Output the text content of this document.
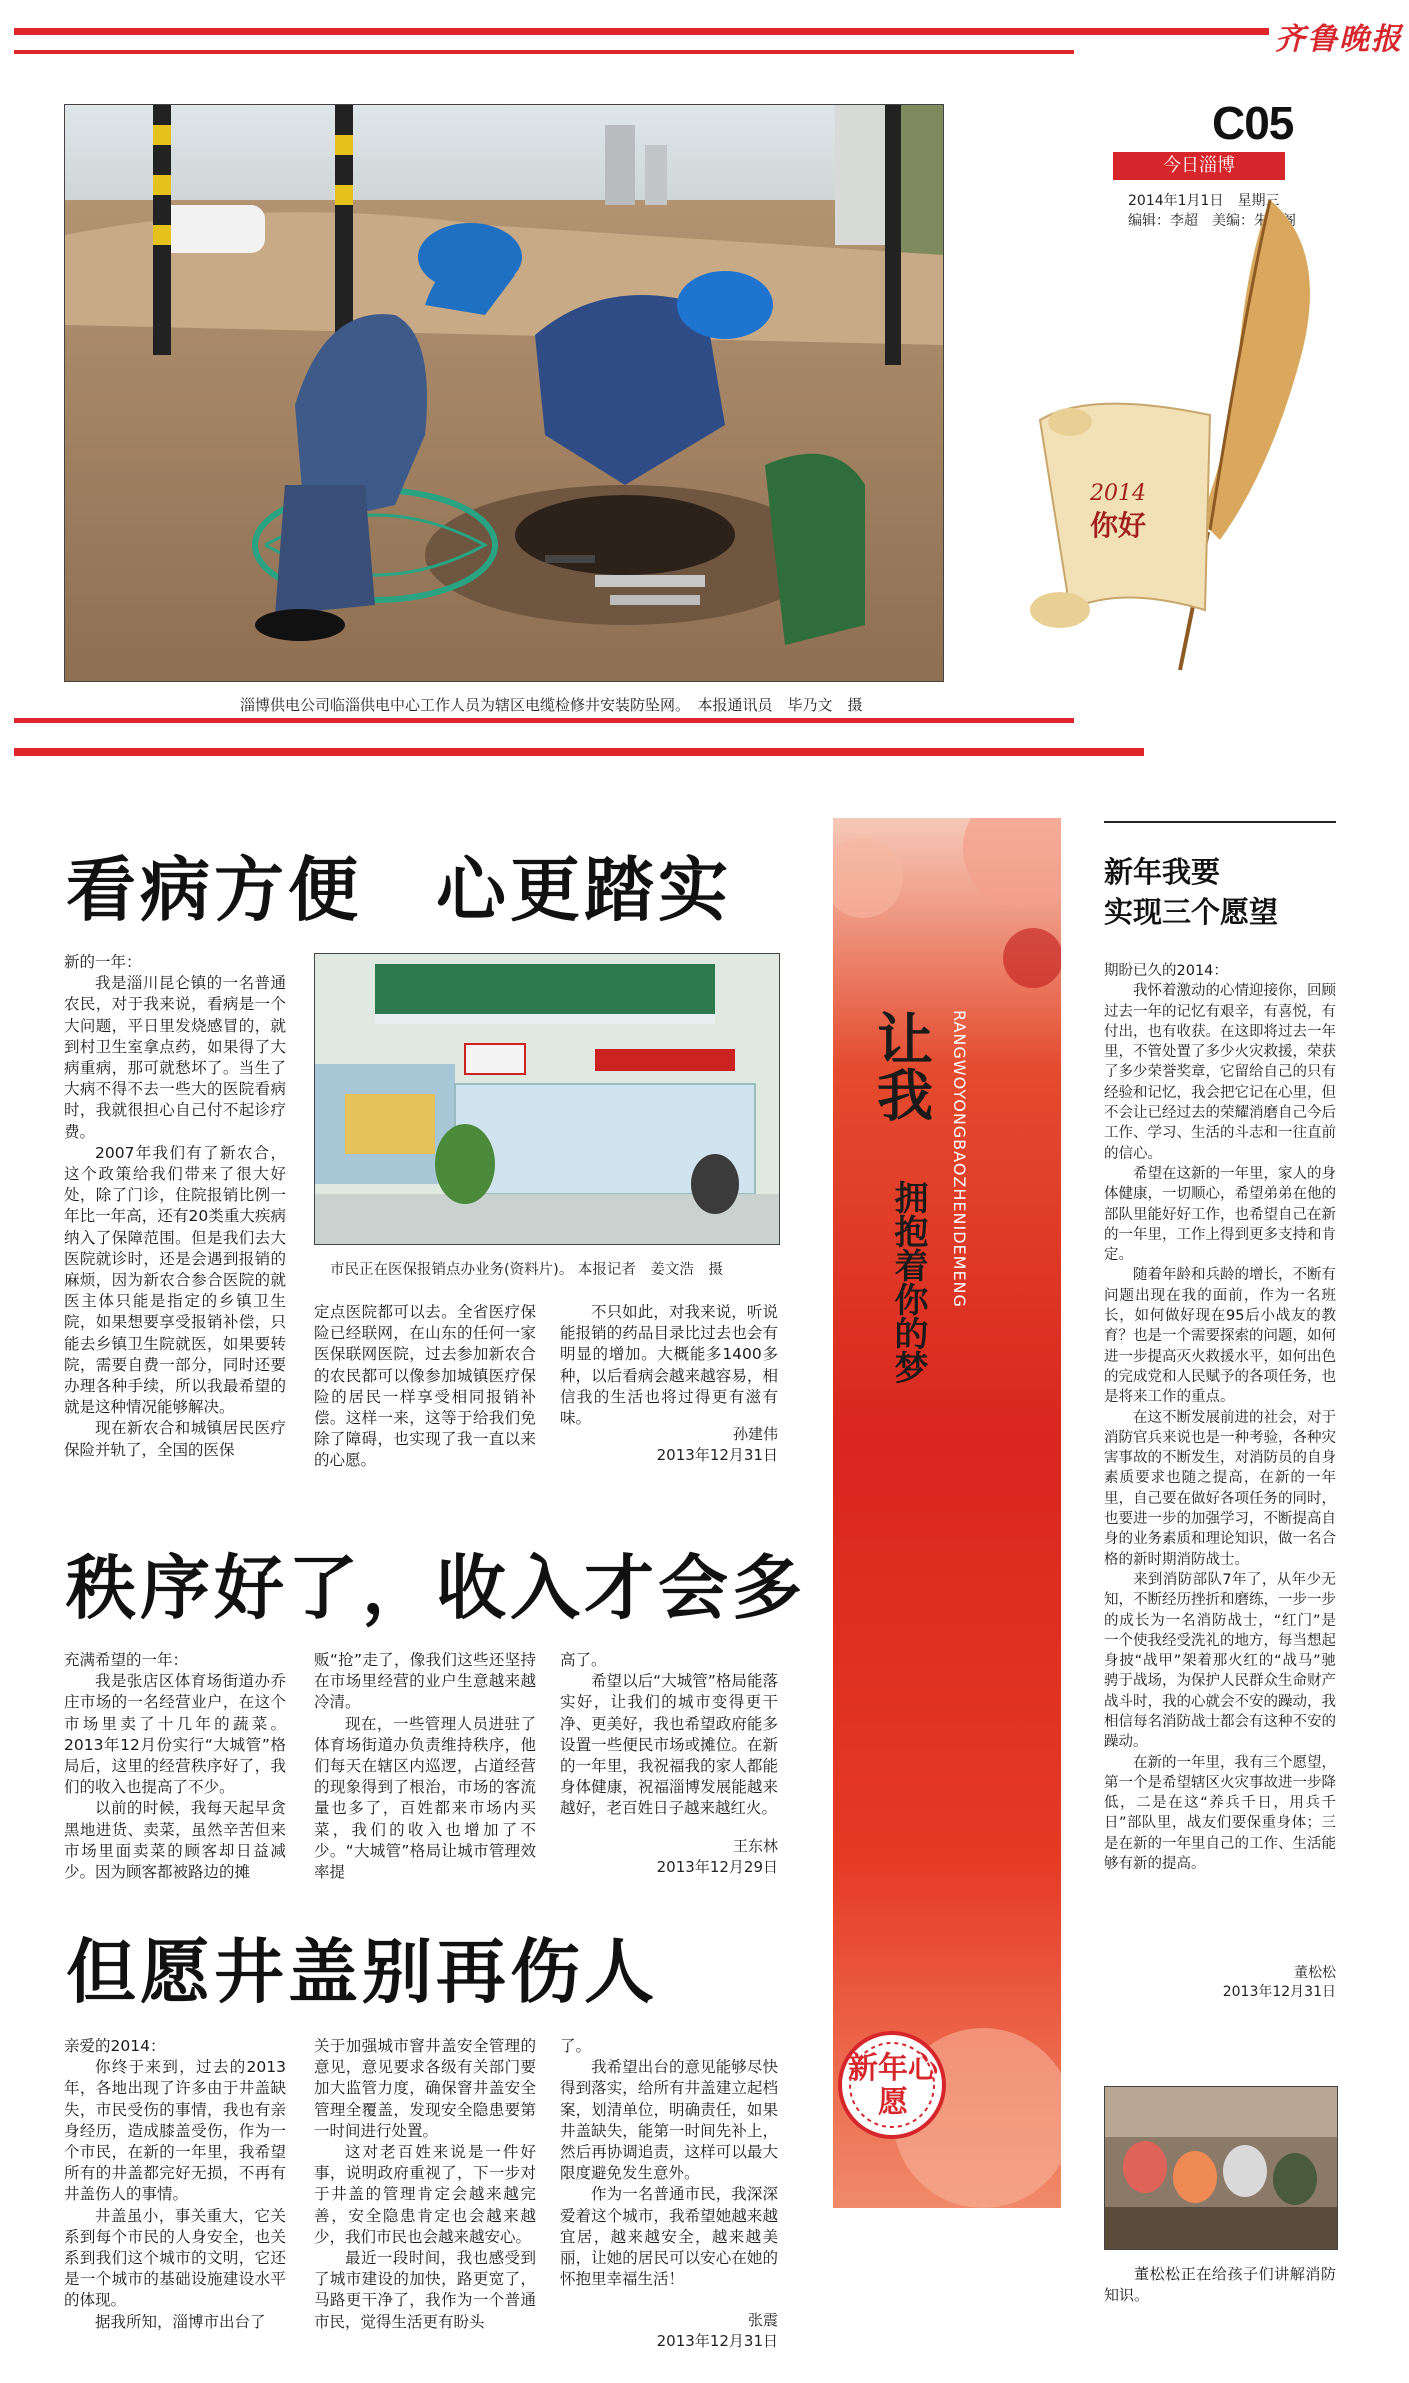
齐鲁晚报
C05
今日淄博
2014年1月1日　星期三
编辑：李超　美编：朱金阁
淄博供电公司临淄供电中心工作人员为辖区电缆检修井安装防坠网。　本报通讯员　毕乃文　摄
2014
你好
看病方便　心更踏实

新的一年：

我是淄川昆仑镇的一名普通农民，对于我来说，看病是一个大问题，平日里发烧感冒的，就到村卫生室拿点药，如果得了大病重病，那可就愁坏了。当生了大病不得不去一些大的医院看病时，我就很担心自己付不起诊疗费。

2007年我们有了新农合，这个政策给我们带来了很大好处，除了门诊，住院报销比例一年比一年高，还有20类重大疾病纳入了保障范围。但是我们去大医院就诊时，还是会遇到报销的麻烦，因为新农合参合医院的就医主体只能是指定的乡镇卫生院，如果想要享受报销补偿，只能去乡镇卫生院就医，如果要转院，需要自费一部分，同时还要办理各种手续，所以我最希望的就是这种情况能够解决。

现在新农合和城镇居民医疗保险并轨了，全国的医保

市民正在医保报销点办业务(资料片)。 本报记者　姜文浩　摄

定点医院都可以去。全省医疗保险已经联网，在山东的任何一家医保联网医院，过去参加新农合的农民都可以像参加城镇医疗保险的居民一样享受相同报销补偿。这样一来，这等于给我们免除了障碍，也实现了我一直以来的心愿。

不只如此，对我来说，听说能报销的药品目录比过去也会有明显的增加。大概能多1400多种，以后看病会越来越容易，相信我的生活也将过得更有滋有味。

孙建伟
2013年12月31日
秩序好了，收入才会多

充满希望的一年：

我是张店区体育场街道办乔庄市场的一名经营业户，在这个市场里卖了十几年的蔬菜。2013年12月份实行“大城管”格局后，这里的经营秩序好了，我们的收入也提高了不少。

以前的时候，我每天起早贪黑地进货、卖菜，虽然辛苦但来市场里面卖菜的顾客却日益减少。因为顾客都被路边的摊

贩“抢”走了，像我们这些还坚持在市场里经营的业户生意越来越冷清。

现在，一些管理人员进驻了体育场街道办负责维持秩序，他们每天在辖区内巡逻，占道经营的现象得到了根治，市场的客流量也多了，百姓都来市场内买菜，我们的收入也增加了不少。“大城管”格局让城市管理效率提

高了。

希望以后“大城管”格局能落实好，让我们的城市变得更干净、更美好，我也希望政府能多设置一些便民市场或摊位。在新的一年里，我祝福我的家人都能身体健康，祝福淄博发展能越来越好，老百姓日子越来越红火。

王东林
2013年12月29日
但愿井盖别再伤人

亲爱的2014：

你终于来到，过去的2013年，各地出现了许多由于井盖缺失，市民受伤的事情，我也有亲身经历，造成膝盖受伤，作为一个市民，在新的一年里，我希望所有的井盖都完好无损，不再有井盖伤人的事情。

井盖虽小，事关重大，它关系到每个市民的人身安全，也关系到我们这个城市的文明，它还是一个城市的基础设施建设水平的体现。

据我所知，淄博市出台了

关于加强城市窨井盖安全管理的意见，意见要求各级有关部门要加大监管力度，确保窨井盖安全管理全覆盖，发现安全隐患要第一时间进行处置。

这对老百姓来说是一件好事，说明政府重视了，下一步对于井盖的管理肯定会越来越完善，安全隐患肯定也会越来越少，我们市民也会越来越安心。

最近一段时间，我也感受到了城市建设的加快，路更宽了，马路更干净了，我作为一个普通市民，觉得生活更有盼头

了。

我希望出台的意见能够尽快得到落实，给所有井盖建立起档案，划清单位，明确责任，如果井盖缺失，能第一时间先补上，然后再协调追责，这样可以最大限度避免发生意外。

作为一名普通市民，我深深爱着这个城市，我希望她越来越宜居，越来越安全，越来越美丽，让她的居民可以安心在她的怀抱里幸福生活！

张震
2013年12月31日
让我
拥抱着你的梦	RANGWOYONGBAOZHENIDEMENG
新年心愿
新年我要
实现三个愿望

期盼已久的2014：

我怀着激动的心情迎接你，回顾过去一年的记忆有艰辛，有喜悦，有付出，也有收获。在这即将过去一年里，不管处置了多少火灾救援，荣获了多少荣誉奖章，它留给自己的只有经验和记忆，我会把它记在心里，但不会让已经过去的荣耀消磨自己今后工作、学习、生活的斗志和一往直前的信心。

希望在这新的一年里，家人的身体健康，一切顺心，希望弟弟在他的部队里能好好工作，也希望自己在新的一年里，工作上得到更多支持和肯定。

随着年龄和兵龄的增长，不断有问题出现在我的面前，作为一名班长，如何做好现在95后小战友的教育？也是一个需要探索的问题，如何进一步提高灭火救援水平，如何出色的完成党和人民赋予的各项任务，也是将来工作的重点。

在这不断发展前进的社会，对于消防官兵来说也是一种考验，各种灾害事故的不断发生，对消防员的自身素质要求也随之提高，在新的一年里，自己要在做好各项任务的同时，也要进一步的加强学习，不断提高自身的业务素质和理论知识，做一名合格的新时期消防战士。

来到消防部队7年了，从年少无知，不断经历挫折和磨练，一步一步的成长为一名消防战士，“红门”是一个使我经受洗礼的地方，每当想起身披“战甲”架着那火红的“战马”驰骋于战场，为保护人民群众生命财产战斗时，我的心就会不安的躁动，我相信每名消防战士都会有这种不安的躁动。

在新的一年里，我有三个愿望，第一个是希望辖区火灾事故进一步降低，二是在这“养兵千日，用兵千日”部队里，战友们要保重身体；三是在新的一年里自己的工作、生活能够有新的提高。

董松松
2013年12月31日

董松松正在给孩子们讲解消防知识。
